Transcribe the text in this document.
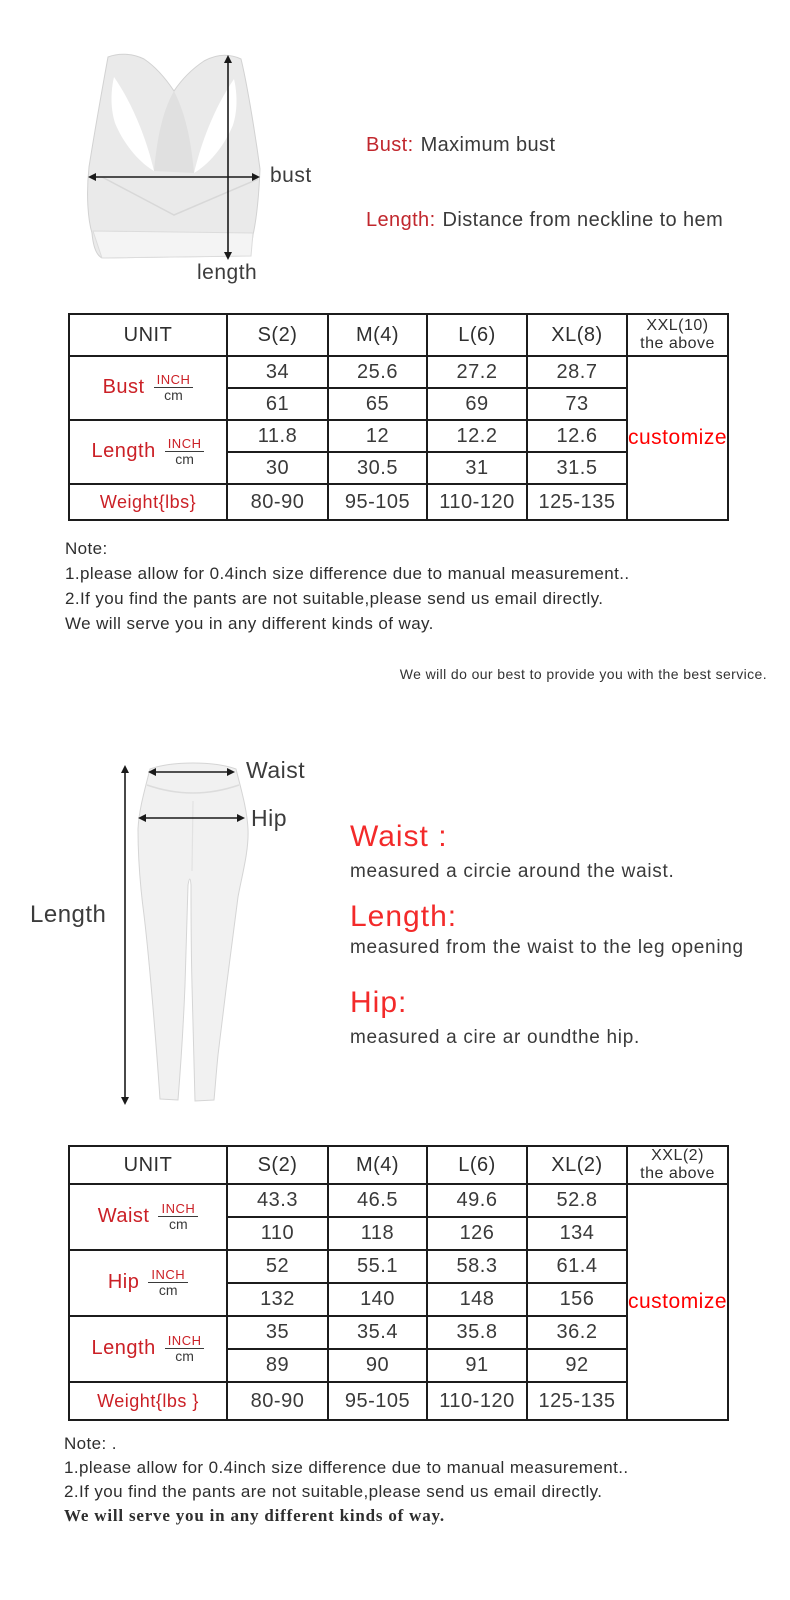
bust
length
Bust: Maximum bust
Length: Distance from neckline to hem
UNIT	S(2)	M(4)	L(6)	XL(8)	XXL(10)
the above

Bust $\frac{\text{INCH}}{cm}$	34	25.6	27.2	28.7	customize
	61	65	69	73	

Length $\frac{\text{INCH}}{cm}$	11.8	12	12.2	12.6	
	30	30.5	31	31.5	
Weight{lbs}	80-90	95-105	110-120	125-135	
Note:
1.please allow for 0.4inch size difference due to manual measurement..
2.If you find the pants are not suitable,please send us email directly.
We will serve you in any different kinds of way.
We will do our best to provide you with the best service.
Waist
Hip
Length
Waist :
measured a circie around the waist.
Length:
measured from the waist to the leg opening
Hip:
measured a cire ar oundthe hip.
UNIT	S(2)	M(4)	L(6)	XL(2)	XXL(2)
the above

Waist $\frac{\text{INCH}}{cm}$	43.3	46.5	49.6	52.8	customize
	110	118	126	134	

Hip $\frac{\text{INCH}}{cm}$	52	55.1	58.3	61.4	
	132	140	148	156	

Length $\frac{\text{INCH}}{cm}$	35	35.4	35.8	36.2	
	89	90	91	92	
Weight{lbs }	80-90	95-105	110-120	125-135	
Note: .
1.please allow for 0.4inch size difference due to manual measurement..
2.If you find the pants are not suitable,please send us email directly.
We will serve you in any different kinds of way.
